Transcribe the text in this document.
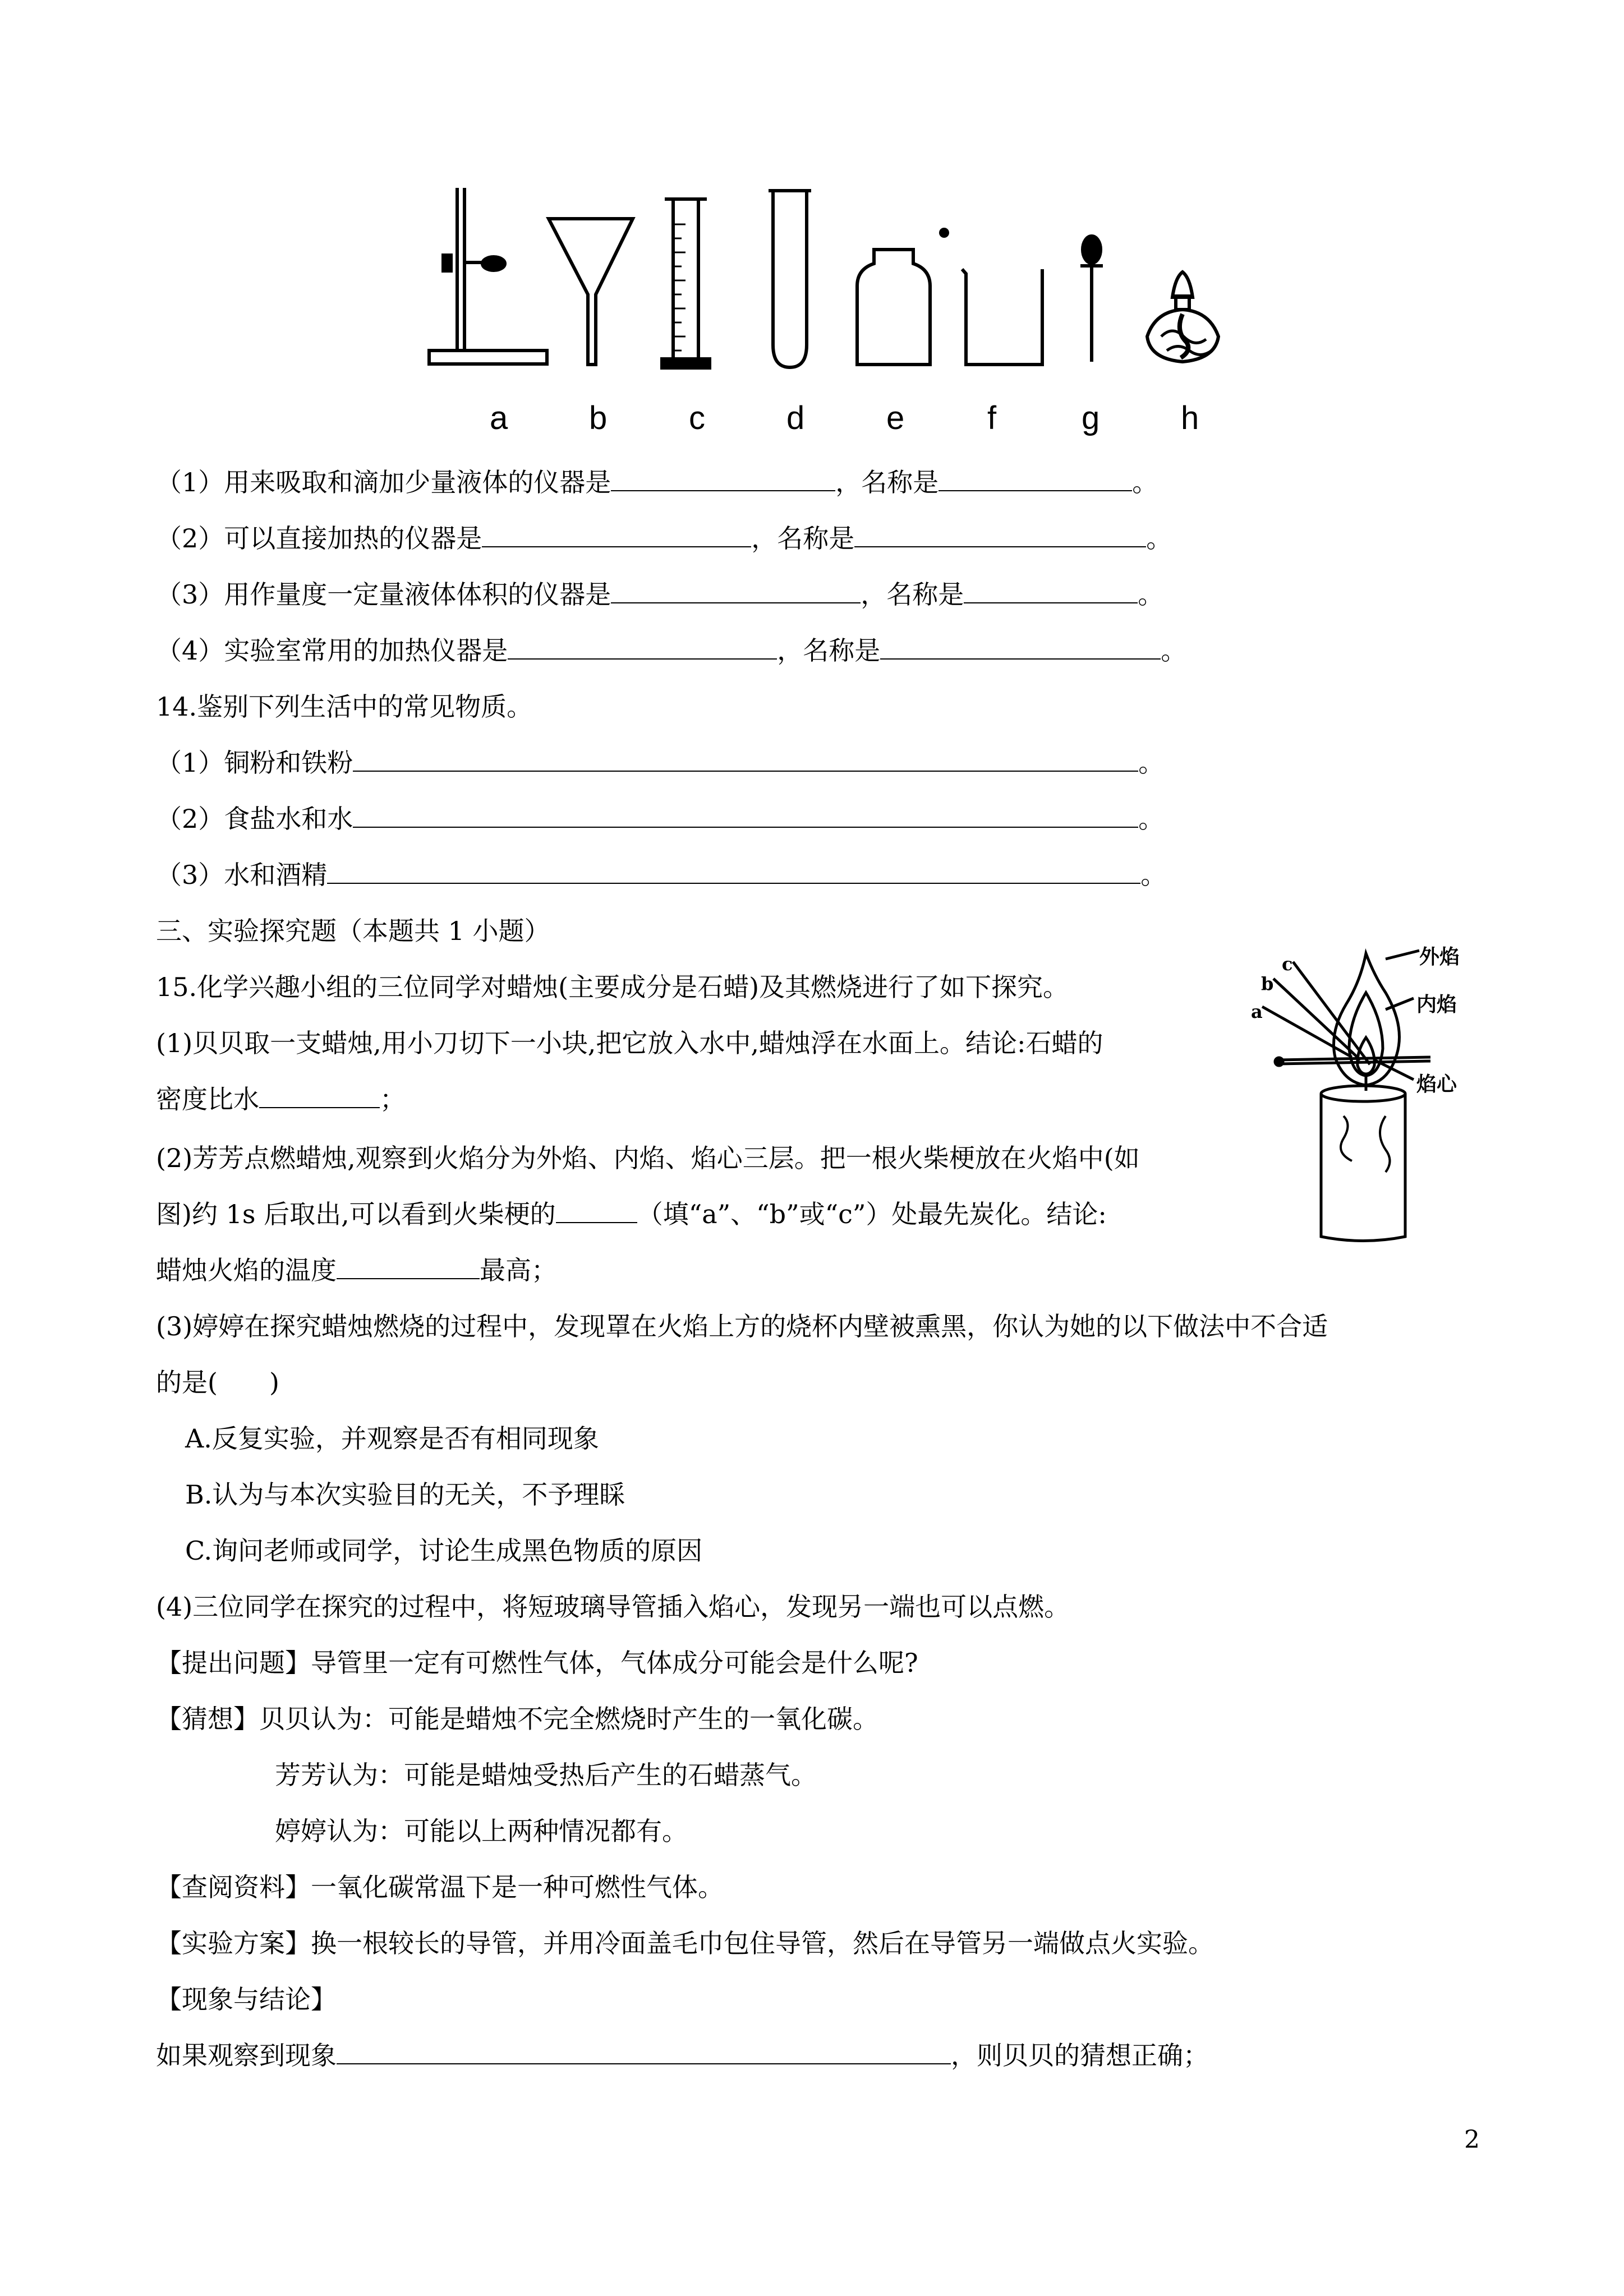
a b	c	d	e	f	g h
（1）用来吸取和滴加少量液体的仪器是	，名称是	。
（2）可以直接加热的仪器是	，名称是	。
（3）用作量度一定量液体体积的仪器是	，名称是	。
（4）实验室常用的加热仪器是	，名称是	。
14.鉴别下列生活中的常见物质。
（1）铜粉和铁粉	。
（2）食盐水和水	。
（3）水和酒精	。
三、实验探究题（本题共 1 小题）
15.化学兴趣小组的三位同学对蜡烛(主要成分是石蜡)及其燃烧进行了如下探究。
(1)贝贝取一支蜡烛,用小刀切下一小块,把它放入水中,蜡烛浮在水面上。结论:石蜡的
密度比水	；
(2)芳芳点燃蜡烛,观察到火焰分为外焰、内焰、焰心三层。把一根火柴梗放在火焰中(如
图)约 1s 后取出,可以看到火柴梗的	（填“a”、“b”或“c”）处最先炭化。结论:
蜡烛火焰的温度	最高；
(3)婷婷在探究蜡烛燃烧的过程中，发现罩在火焰上方的烧杯内壁被熏黑，你认为她的以下做法中不合适
的是(　　)
A.反复实验，并观察是否有相同现象
B.认为与本次实验目的无关，不予理睬
C.询问老师或同学，讨论生成黑色物质的原因
(4)三位同学在探究的过程中，将短玻璃导管插入焰心，发现另一端也可以点燃。
【提出问题】导管里一定有可燃性气体，气体成分可能会是什么呢?
【猜想】贝贝认为：可能是蜡烛不完全燃烧时产生的一氧化碳。
芳芳认为：可能是蜡烛受热后产生的石蜡蒸气。
婷婷认为：可能以上两种情况都有。
【查阅资料】一氧化碳常温下是一种可燃性气体。
【实验方案】换一根较长的导管，并用冷面盖毛巾包住导管，然后在导管另一端做点火实验。
【现象与结论】
如果观察到现象	，则贝贝的猜想正确；
外焰
内焰
焰心
a
b
c
2
